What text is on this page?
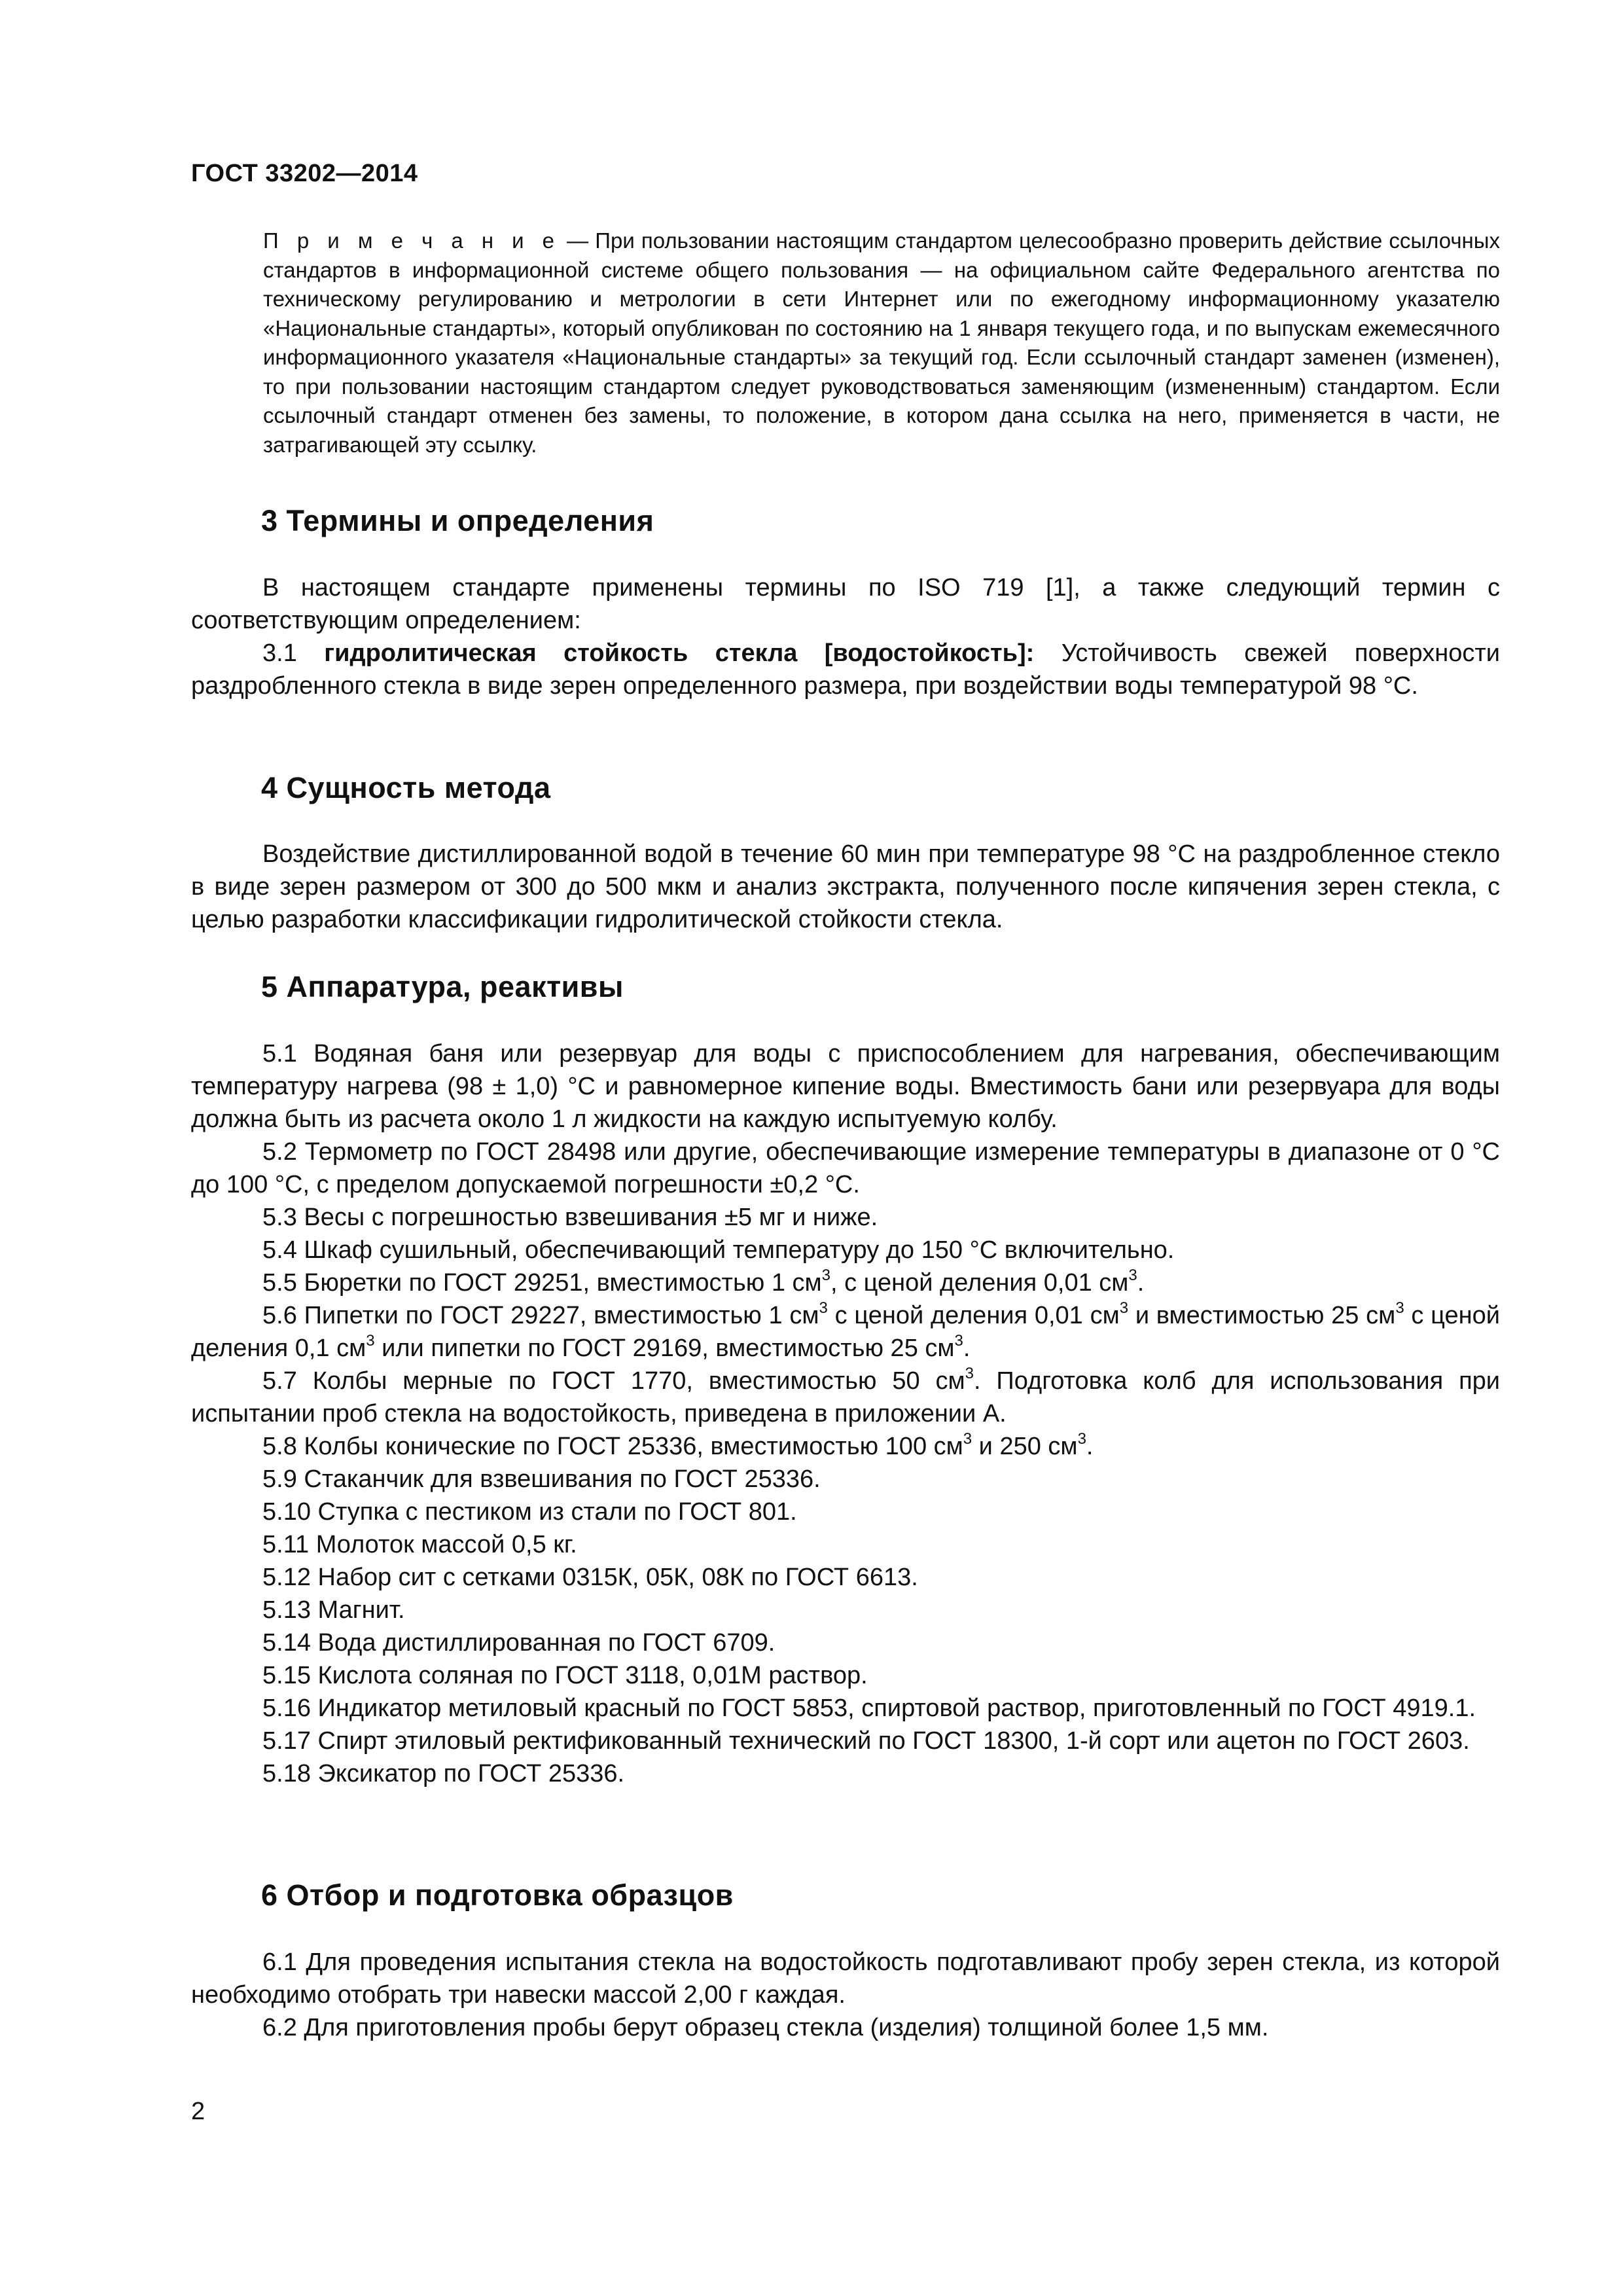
ГОСТ 33202—2014
П р и м е ч а н и е — При пользовании настоящим стандартом целесообразно проверить действие ссылочных стандартов в информационной системе общего пользования — на официальном сайте Федерального агентства по техническому регулированию и метрологии в сети Интернет или по ежегодному информационному указателю «Национальные стандарты», который опубликован по состоянию на 1 января текущего года, и по выпускам ежемесячного информационного указателя «Национальные стандарты» за текущий год. Если ссылочный стандарт заменен (изменен), то при пользовании настоящим стандартом следует руководствоваться заменяющим (измененным) стандартом. Если ссылочный стандарт отменен без замены, то положение, в котором дана ссылка на него, применяется в части, не затрагивающей эту ссылку.
3 Термины и определения

В настоящем стандарте применены термины по ISO 719 [1], а также следующий термин с соответствующим определением:

3.1 гидролитическая стойкость стекла [водостойкость]: Устойчивость свежей поверхности раздробленного стекла в виде зерен определенного размера, при воздействии воды температурой 98 °С.

4 Сущность метода

Воздействие дистиллированной водой в течение 60 мин при температуре 98 °С на раздробленное стекло в виде зерен размером от 300 до 500 мкм и анализ экстракта, полученного после кипячения зерен стекла, с целью разработки классификации гидролитической стойкости стекла.

5 Аппаратура, реактивы

5.1 Водяная баня или резервуар для воды с приспособлением для нагревания, обеспечивающим температуру нагрева (98 ± 1,0) °С и равномерное кипение воды. Вместимость бани или резервуара для воды должна быть из расчета около 1 л жидкости на каждую испытуемую колбу.

5.2 Термометр по ГОСТ 28498 или другие, обеспечивающие измерение температуры в диапазоне от 0 °С до 100 °С, с пределом допускаемой погрешности ±0,2 °С.

5.3 Весы с погрешностью взвешивания ±5 мг и ниже.

5.4 Шкаф сушильный, обеспечивающий температуру до 150 °С включительно.

5.5 Бюретки по ГОСТ 29251, вместимостью 1 $см^3$, с ценой деления 0,01 $см^3$.

5.6 Пипетки по ГОСТ 29227, вместимостью 1 $см^3$ с ценой деления 0,01 $см^3$ и вместимостью 25 $см^3$ с ценой деления 0,1 $см^3$ или пипетки по ГОСТ 29169, вместимостью 25 $см^3$.

5.7 Колбы мерные по ГОСТ 1770, вместимостью 50 $см^3$. Подготовка колб для использования при испытании проб стекла на водостойкость, приведена в приложении А.

5.8 Колбы конические по ГОСТ 25336, вместимостью 100 $см^3$ и 250 $см^3$.

5.9 Стаканчик для взвешивания по ГОСТ 25336.

5.10 Ступка с пестиком из стали по ГОСТ 801.

5.11 Молоток массой 0,5 кг.

5.12 Набор сит с сетками 0315К, 05К, 08К по ГОСТ 6613.

5.13 Магнит.

5.14 Вода дистиллированная по ГОСТ 6709.

5.15 Кислота соляная по ГОСТ 3118, 0,01М раствор.

5.16 Индикатор метиловый красный по ГОСТ 5853, спиртовой раствор, приготовленный по ГОСТ 4919.1.

5.17 Спирт этиловый ректификованный технический по ГОСТ 18300, 1-й сорт или ацетон по ГОСТ 2603.

5.18 Эксикатор по ГОСТ 25336.

6 Отбор и подготовка образцов

6.1 Для проведения испытания стекла на водостойкость подготавливают пробу зерен стекла, из которой необходимо отобрать три навески массой 2,00 г каждая.

6.2 Для приготовления пробы берут образец стекла (изделия) толщиной более 1,5 мм.

2
